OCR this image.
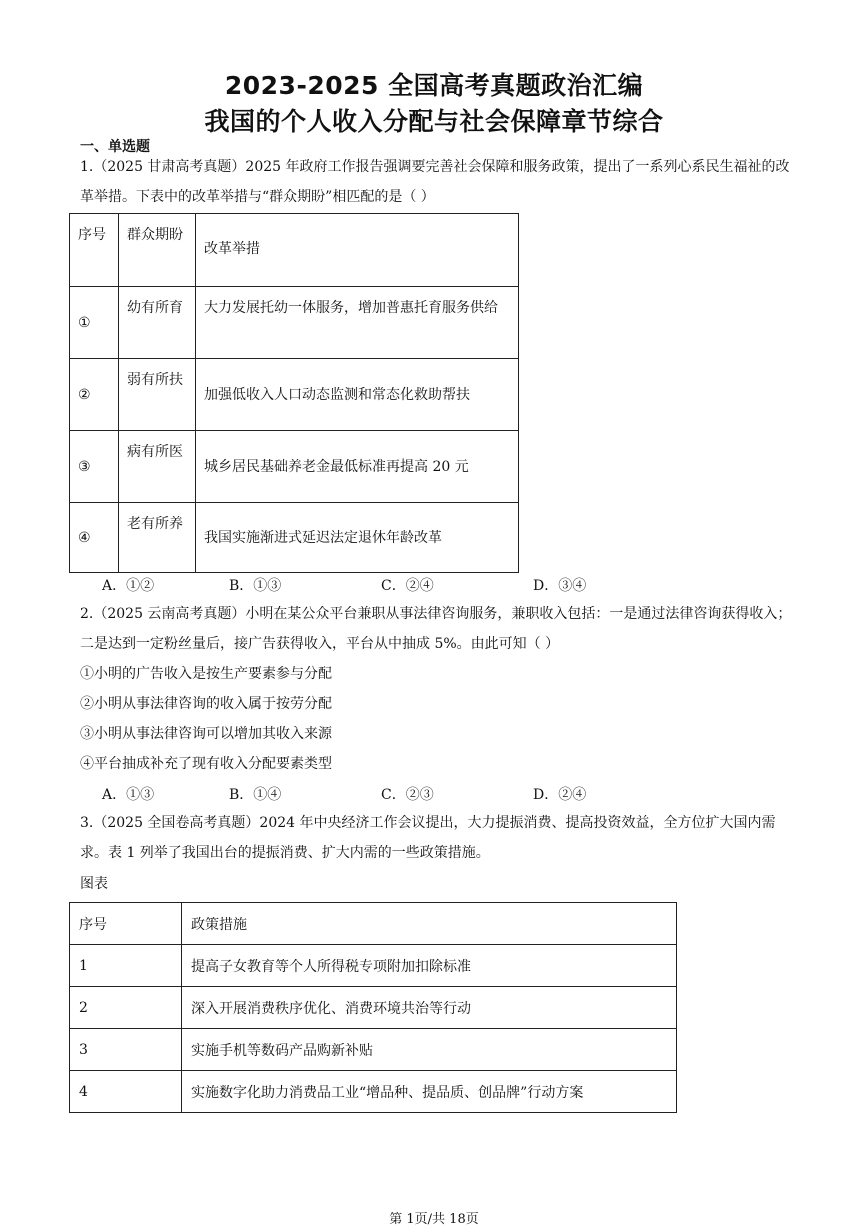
2023-2025 全国高考真题政治汇编
我国的个人收入分配与社会保障章节综合
一、单选题
1.（2025 甘肃高考真题）2025 年政府工作报告强调要完善社会保障和服务政策，提出了一系列心系民生福祉的改革举措。下表中的改革举措与“群众期盼”相匹配的是（ ）
序号	群众期盼	改革举措
①	幼有所育	大力发展托幼一体服务，增加普惠托育服务供给
②	弱有所扶	加强低收入人口动态监测和常态化救助帮扶
③	病有所医	城乡居民基础养老金最低标准再提高 20 元
④	老有所养	我国实施渐进式延迟法定退休年龄改革
A．①②	B．①③	C．②④	D．③④
2.（2025 云南高考真题）小明在某公众平台兼职从事法律咨询服务，兼职收入包括：一是通过法律咨询获得收入；二是达到一定粉丝量后，接广告获得收入，平台从中抽成 5%。由此可知（ ）
①小明的广告收入是按生产要素参与分配
②小明从事法律咨询的收入属于按劳分配
③小明从事法律咨询可以增加其收入来源
④平台抽成补充了现有收入分配要素类型
A．①③	B．①④	C．②③	D．②④
3.（2025 全国卷高考真题）2024 年中央经济工作会议提出，大力提振消费、提高投资效益，全方位扩大国内需求。表 1 列举了我国出台的提振消费、扩大内需的一些政策措施。
图表
序号	政策措施
1	提高子女教育等个人所得税专项附加扣除标准
2	深入开展消费秩序优化、消费环境共治等行动
3	实施手机等数码产品购新补贴
4	实施数字化助力消费品工业“增品种、提品质、创品牌”行动方案
第 1页/共 18页
